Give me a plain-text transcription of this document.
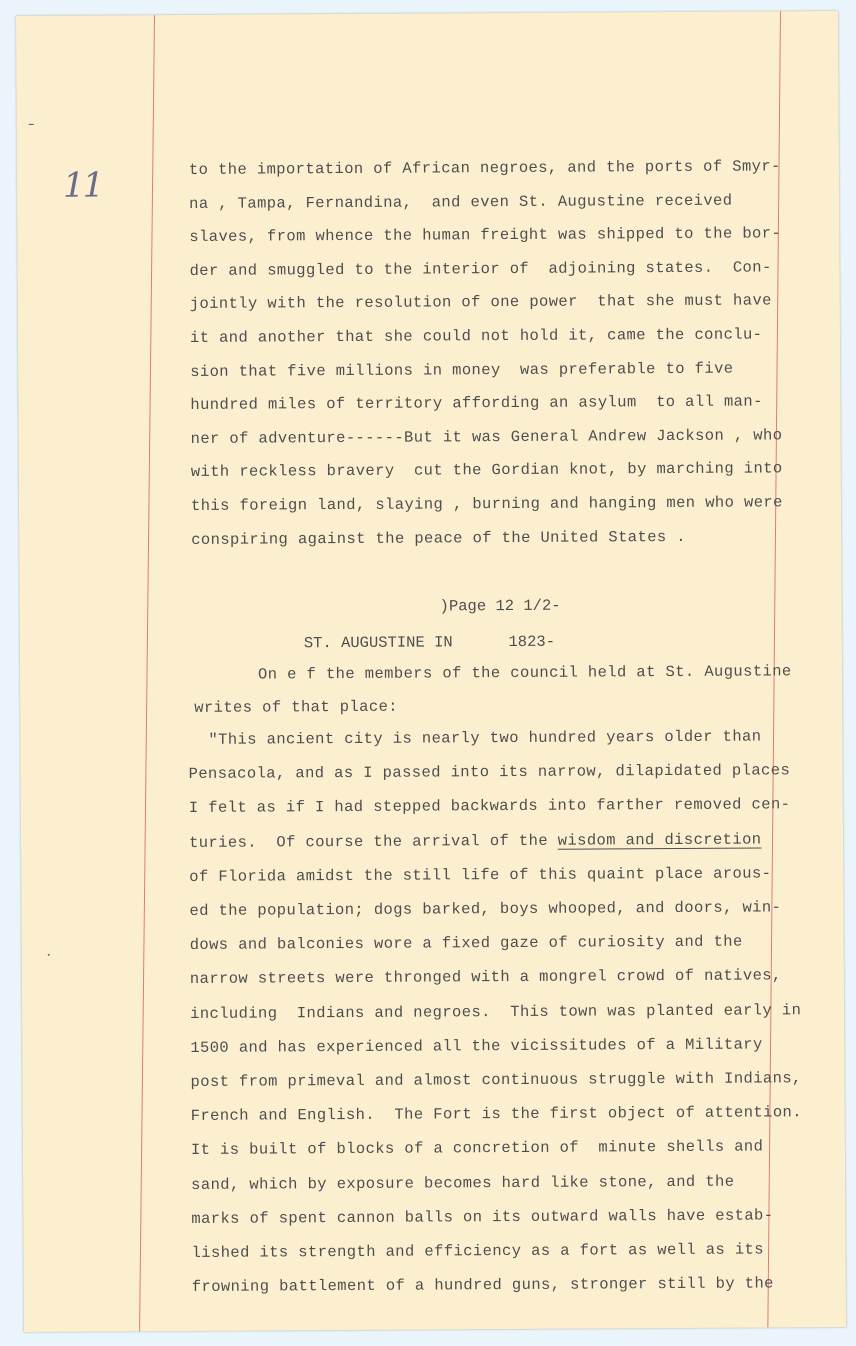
11	to the importation of African negroes, and the ports of Smyr-
na , Tampa, Fernandina,  and even St. Augustine received
slaves, from whence the human freight was shipped to the bor-
der and smuggled to the interior of  adjoining states.  Con-
jointly with the resolution of one power  that she must have
it and another that she could not hold it, came the conclu-
sion that five millions in money  was preferable to five
hundred miles of territory affording an asylum  to all man-
ner of adventure------But it was General Andrew Jackson , who
with reckless bravery  cut the Gordian knot, by marching into
this foreign land, slaying , burning and hanging men who were
conspiring against the peace of the United States .
)Page 12 1/2-
ST. AUGUSTINE IN      1823-
On e f the members of the council held at St. Augustine
writes of that place:
"This ancient city is nearly two hundred years older than
Pensacola, and as I passed into its narrow, dilapidated places
I felt as if I had stepped backwards into farther removed cen-
turies.  Of course the arrival of the wisdom and discretion
of Florida amidst the still life of this quaint place arous-
ed the population; dogs barked, boys whooped, and doors, win-
dows and balconies wore a fixed gaze of curiosity and the
narrow streets were thronged with a mongrel crowd of natives,
including  Indians and negroes.  This town was planted early in
1500 and has experienced all the vicissitudes of a Military
post from primeval and almost continuous struggle with Indians,
French and English.  The Fort is the first object of attention.
It is built of blocks of a concretion of  minute shells and
sand, which by exposure becomes hard like stone, and the
marks of spent cannon balls on its outward walls have estab-
lished its strength and efficiency as a fort as well as its
frowning battlement of a hundred guns, stronger still by the
